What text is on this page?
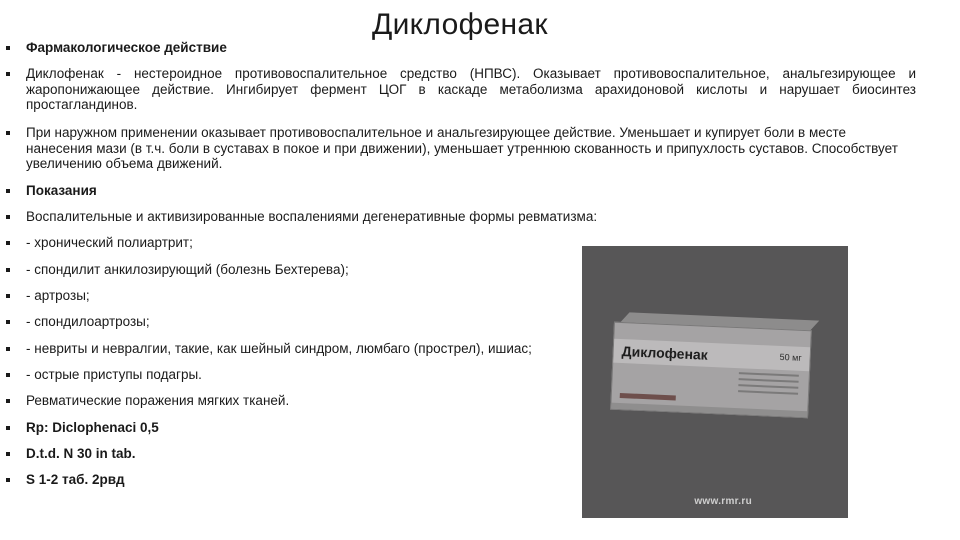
Диклофенак
Фармакологическое действие
Диклофенак - нестероидное противовоспалительное средство (НПВС). Оказывает противовоспалительное, анальгезирующее и жаропонижающее действие. Ингибирует фермент ЦОГ в каскаде метаболизма арахидоновой кислоты и нарушает биосинтез простагландинов.
При наружном применении оказывает противовоспалительное и анальгезирующее действие. Уменьшает и купирует боли в месте нанесения мази (в т.ч. боли в суставах в покое и при движении), уменьшает утреннюю скованность и припухлость суставов. Способствует увеличению объема движений.
Показания
Воспалительные и активизированные воспалениями дегенеративные формы ревматизма:
- хронический полиартрит;
- спондилит анкилозирующий (болезнь Бехтерева);
- артрозы;
- спондилоартрозы;
- невриты и невралгии, такие, как шейный синдром, люмбаго (прострел), ишиас;
- острые приступы подагры.
Ревматические поражения мягких тканей.
Rp: Diclophenaci 0,5
D.t.d. N 30 in tab.
S 1-2 таб. 2рвд
Диклофенак	50 мг
www.rmr.ru
